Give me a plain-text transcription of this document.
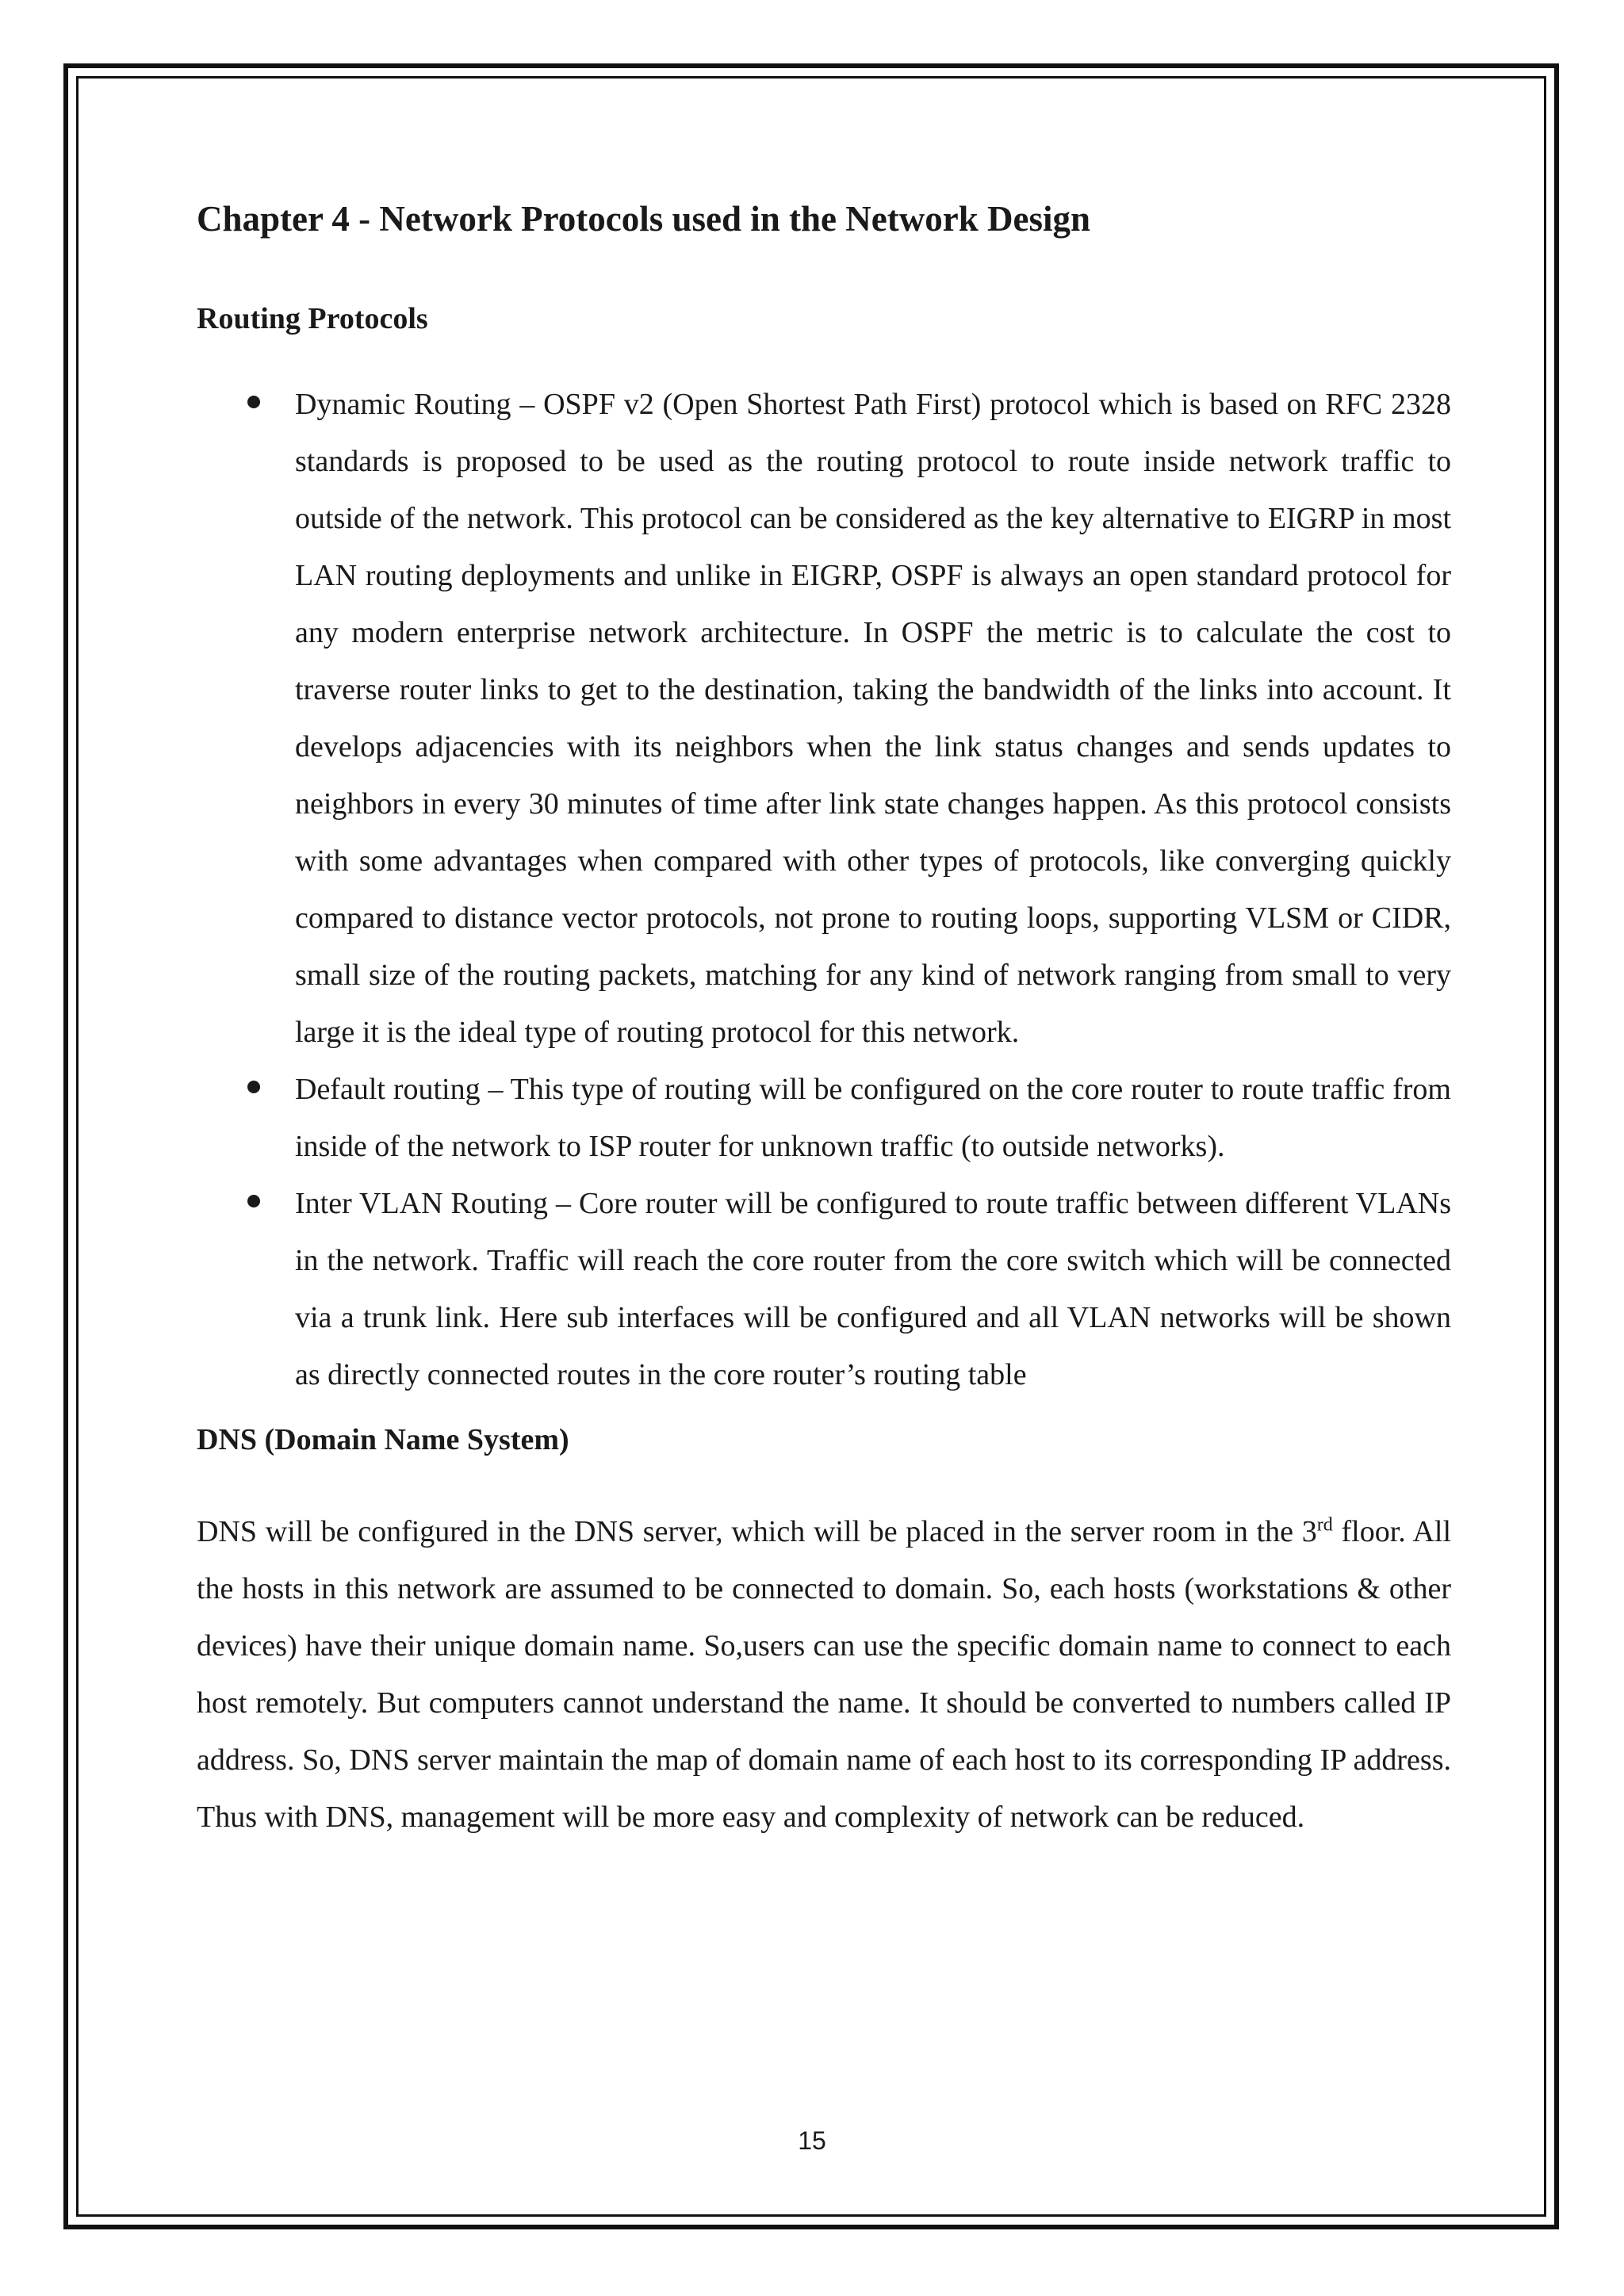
Chapter 4 - Network Protocols used in the Network Design
Routing Protocols
Dynamic Routing – OSPF v2 (Open Shortest Path First) protocol which is based on RFC 2328 standards is proposed to be used as the routing protocol to route inside network traffic to outside of the network. This protocol can be considered as the key alternative to EIGRP in most LAN routing deployments and unlike in EIGRP, OSPF is always an open standard protocol for any modern enterprise network architecture. In OSPF the metric is to calculate the cost to traverse router links to get to the destination, taking the bandwidth of the links into account. It develops adjacencies with its neighbors when the link status changes and sends updates to neighbors in every 30 minutes of time after link state changes happen. As this protocol consists with some advantages when compared with other types of protocols, like converging quickly compared to distance vector protocols, not prone to routing loops, supporting VLSM or CIDR, small size of the routing packets, matching for any kind of network ranging from small to very large it is the ideal type of routing protocol for this network.
Default routing – This type of routing will be configured on the core router to route traffic from inside of the network to ISP router for unknown traffic (to outside networks).
Inter VLAN Routing – Core router will be configured to route traffic between different VLANs in the network. Traffic will reach the core router from the core switch which will be connected via a trunk link. Here sub interfaces will be configured and all VLAN networks will be shown as directly connected routes in the core router’s routing table
DNS (Domain Name System)

DNS will be configured in the DNS server, which will be placed in the server room in the 3rd floor. All the hosts in this network are assumed to be connected to domain. So, each hosts (workstations & other devices) have their unique domain name. So,users can use the specific domain name to connect to each host remotely. But computers cannot understand the name. It should be converted to numbers called IP address. So, DNS server maintain the map of domain name of each host to its corresponding IP address. Thus with DNS, management will be more easy and complexity of network can be reduced.

15
